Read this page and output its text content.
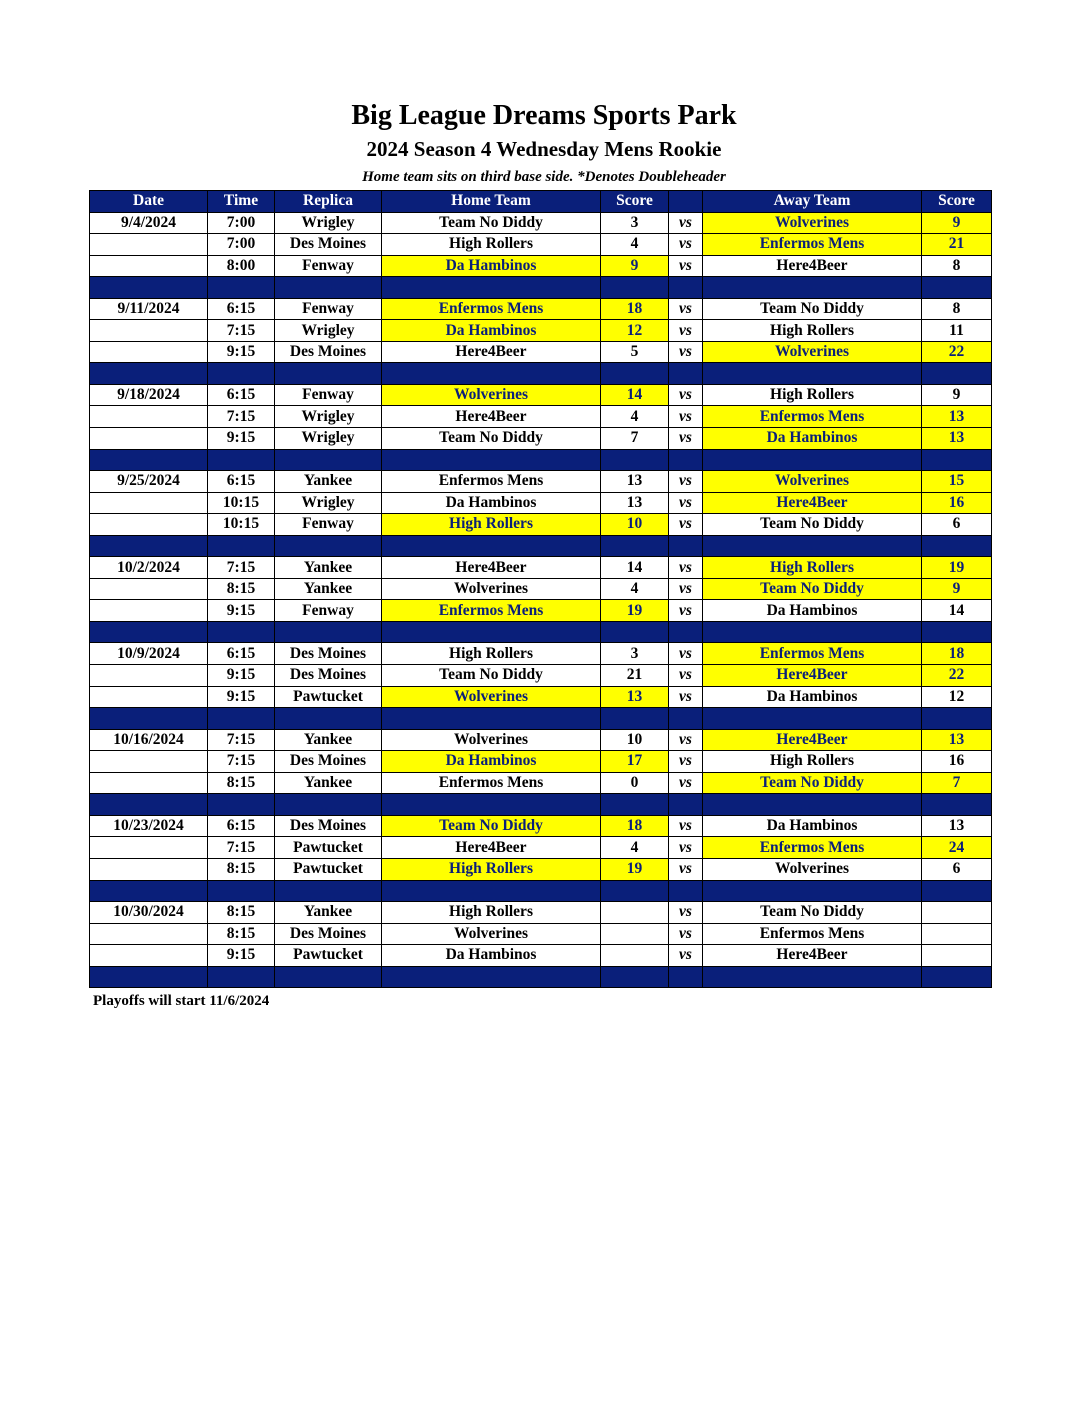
Big League Dreams Sports Park
2024 Season 4 Wednesday Mens Rookie
Home team sits on third base side. *Denotes Doubleheader
Date	Time	Replica	Home Team	Score		Away Team	Score
9/4/2024	7:00	Wrigley	Team No Diddy	3	vs	Wolverines	9
	7:00	Des Moines	High Rollers	4	vs	Enfermos Mens	21
	8:00	Fenway	Da Hambinos	9	vs	Here4Beer	8

9/11/2024	6:15	Fenway	Enfermos Mens	18	vs	Team No Diddy	8
	7:15	Wrigley	Da Hambinos	12	vs	High Rollers	11
	9:15	Des Moines	Here4Beer	5	vs	Wolverines	22

9/18/2024	6:15	Fenway	Wolverines	14	vs	High Rollers	9
	7:15	Wrigley	Here4Beer	4	vs	Enfermos Mens	13
	9:15	Wrigley	Team No Diddy	7	vs	Da Hambinos	13

9/25/2024	6:15	Yankee	Enfermos Mens	13	vs	Wolverines	15
	10:15	Wrigley	Da Hambinos	13	vs	Here4Beer	16
	10:15	Fenway	High Rollers	10	vs	Team No Diddy	6

10/2/2024	7:15	Yankee	Here4Beer	14	vs	High Rollers	19
	8:15	Yankee	Wolverines	4	vs	Team No Diddy	9
	9:15	Fenway	Enfermos Mens	19	vs	Da Hambinos	14

10/9/2024	6:15	Des Moines	High Rollers	3	vs	Enfermos Mens	18
	9:15	Des Moines	Team No Diddy	21	vs	Here4Beer	22
	9:15	Pawtucket	Wolverines	13	vs	Da Hambinos	12

10/16/2024	7:15	Yankee	Wolverines	10	vs	Here4Beer	13
	7:15	Des Moines	Da Hambinos	17	vs	High Rollers	16
	8:15	Yankee	Enfermos Mens	0	vs	Team No Diddy	7

10/23/2024	6:15	Des Moines	Team No Diddy	18	vs	Da Hambinos	13
	7:15	Pawtucket	Here4Beer	4	vs	Enfermos Mens	24
	8:15	Pawtucket	High Rollers	19	vs	Wolverines	6

10/30/2024	8:15	Yankee	High Rollers		vs	Team No Diddy	
	8:15	Des Moines	Wolverines		vs	Enfermos Mens	
	9:15	Pawtucket	Da Hambinos		vs	Here4Beer	

Playoffs will start 11/6/2024
